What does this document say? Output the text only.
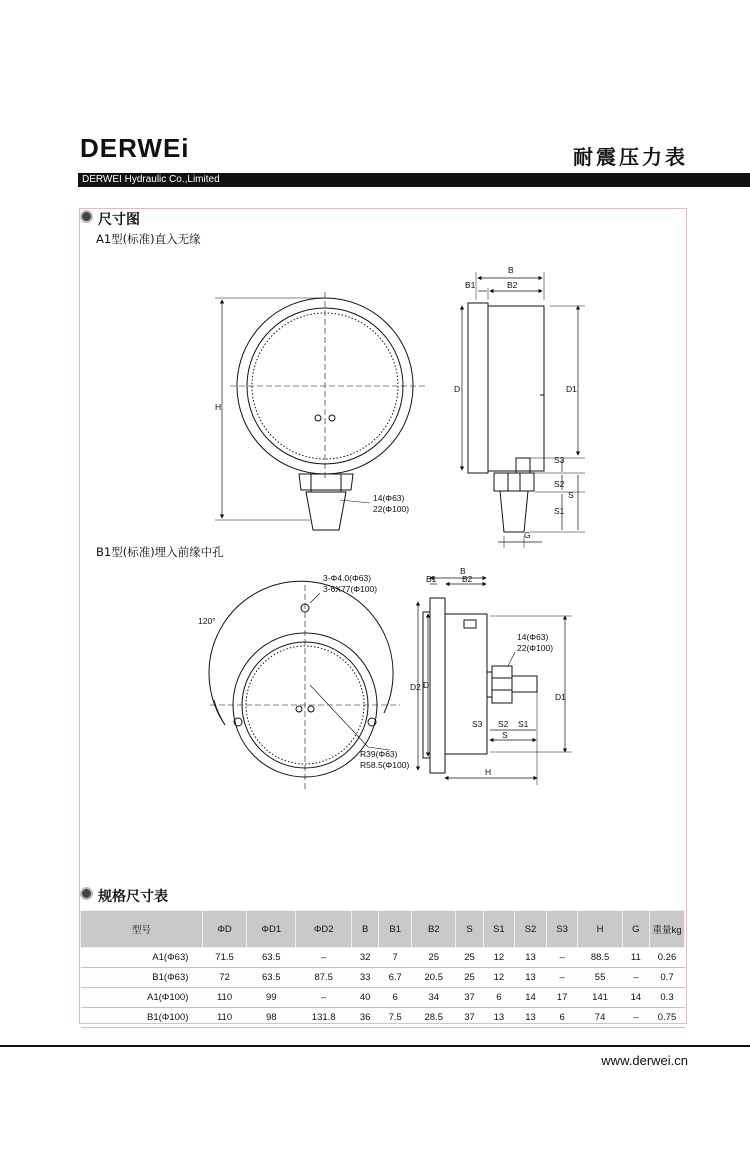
DERWEi	耐震压力表
DERWEI Hydraulic Co.,Limited
尺寸图
A1型(标准)直入无缘
B1型(标准)埋入前缘中孔
H
B
B1	B2
D	D1
S3
S2
S
S1
G
14(Φ63)
22(Φ100)
3-Φ4.0(Φ63)
3-6X77(Φ100)
120°
R39(Φ63)
R58.5(Φ100)
B
B1	B2
D2 D
D1
S3 S2 S1
S
H
14(Φ63)
22(Φ100)
规格尺寸表
型号	ΦD	ΦD1	ΦD2	B	B1	B2	S	S1	S2	S3	H	G	重量kg
A1(Φ63)	71.5	63.5	–	32	7	25	25	12	13	–	88.5	11	0.26
B1(Φ63)	72	63.5	87.5	33	6.7	20.5	25	12	13	–	55	–	0.7
A1(Φ100)	110	99	–	40	6	34	37	6	14	17	141	14	0.3
B1(Φ100)	110	98	131.8	36	7.5	28.5	37	13	13	6	74	–	0.75
www.derwei.cn
